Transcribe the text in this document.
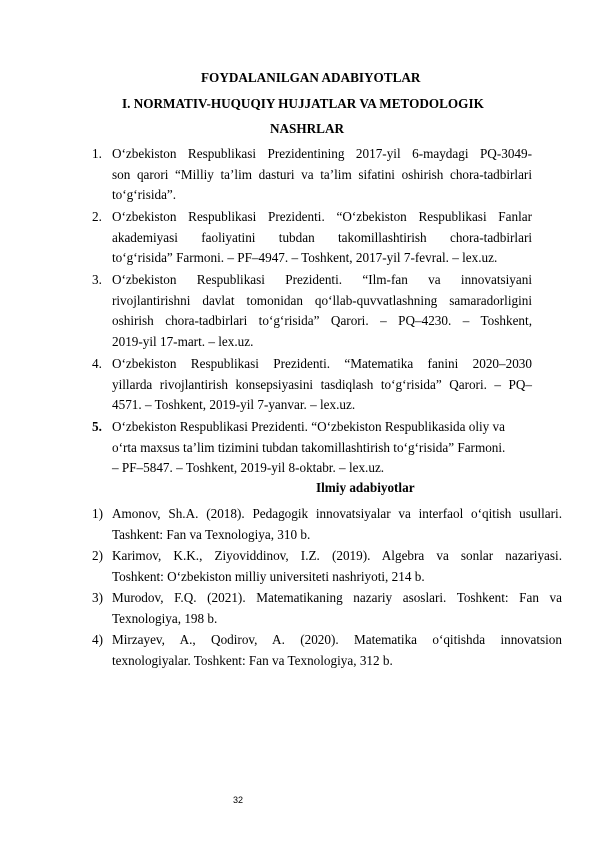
FOYDALANILGAN ADABIYOTLAR
I. NORMATIV-HUQUQIY HUJJATLAR VA METODOLOGIK
NASHRLAR
1. O‘zbekiston Respublikasi Prezidentining 2017-yil 6-maydagi PQ-3049-
son qarori “Milliy ta’lim dasturi va ta’lim sifatini oshirish chora-tadbirlari
to‘g‘risida”.
2. O‘zbekiston Respublikasi Prezidenti. “O‘zbekiston Respublikasi Fanlar
akademiyasi faoliyatini tubdan takomillashtirish chora-tadbirlari
to‘g‘risida” Farmoni. – PF–4947. – Toshkent, 2017-yil 7-fevral. – lex.uz.
3. O‘zbekiston Respublikasi Prezidenti. “Ilm-fan va innovatsiyani
rivojlantirishni davlat tomonidan qo‘llab-quvvatlashning samaradorligini
oshirish chora-tadbirlari to‘g‘risida” Qarori. – PQ–4230. – Toshkent,
2019-yil 17-mart. – lex.uz.
4. O‘zbekiston Respublikasi Prezidenti. “Matematika fanini 2020–2030
yillarda rivojlantirish konsepsiyasini tasdiqlash to‘g‘risida” Qarori. – PQ–
4571. – Toshkent, 2019-yil 7-yanvar. – lex.uz.
5. O‘zbekiston Respublikasi Prezidenti. “O‘zbekiston Respublikasida oliy va
o‘rta maxsus ta’lim tizimini tubdan takomillashtirish to‘g‘risida” Farmoni.
– PF–5847. – Toshkent, 2019-yil 8-oktabr. – lex.uz.
Ilmiy adabiyotlar
1) Amonov, Sh.A. (2018). Pedagogik innovatsiyalar va interfaol o‘qitish usullari.
Tashkent: Fan va Texnologiya, 310 b.
2) Karimov, K.K., Ziyoviddinov, I.Z. (2019). Algebra va sonlar nazariyasi.
Toshkent: O‘zbekiston milliy universiteti nashriyoti, 214 b.
3) Murodov, F.Q. (2021). Matematikaning nazariy asoslari. Toshkent: Fan va
Texnologiya, 198 b.
4) Mirzayev, A., Qodirov, A. (2020). Matematika o‘qitishda innovatsion
texnologiyalar. Toshkent: Fan va Texnologiya, 312 b.
32
